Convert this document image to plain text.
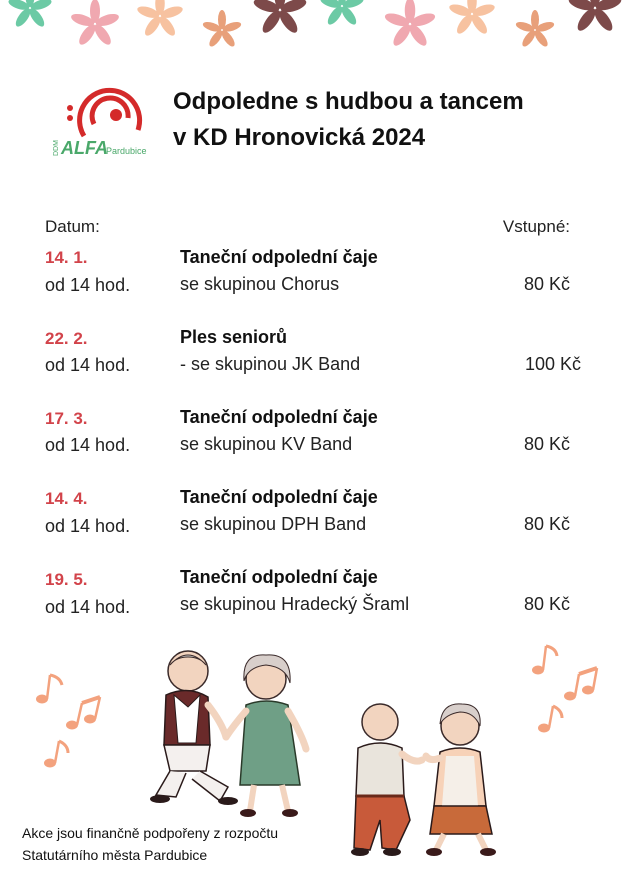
DDM ALFA
Pardubice
Odpoledne s hudbou a tancem
v KD Hronovická 2024
Datum:	Vstupné:
14. 1.
od 14 hod.
Taneční odpolední čaje
se skupinou Chorus	80 Kč
22. 2.
od 14 hod.
Ples seniorů
- se skupinou JK Band	100 Kč
17. 3.
od 14 hod.
Taneční odpolední čaje
se skupinou KV Band	80 Kč
14. 4.
od 14 hod.
Taneční odpolední čaje
se skupinou DPH Band	80 Kč
19. 5.
od 14 hod.
Taneční odpolední čaje
se skupinou Hradecký Šraml	80 Kč
Akce jsou finančně podpořeny z rozpočtu
Statutárního města Pardubice
